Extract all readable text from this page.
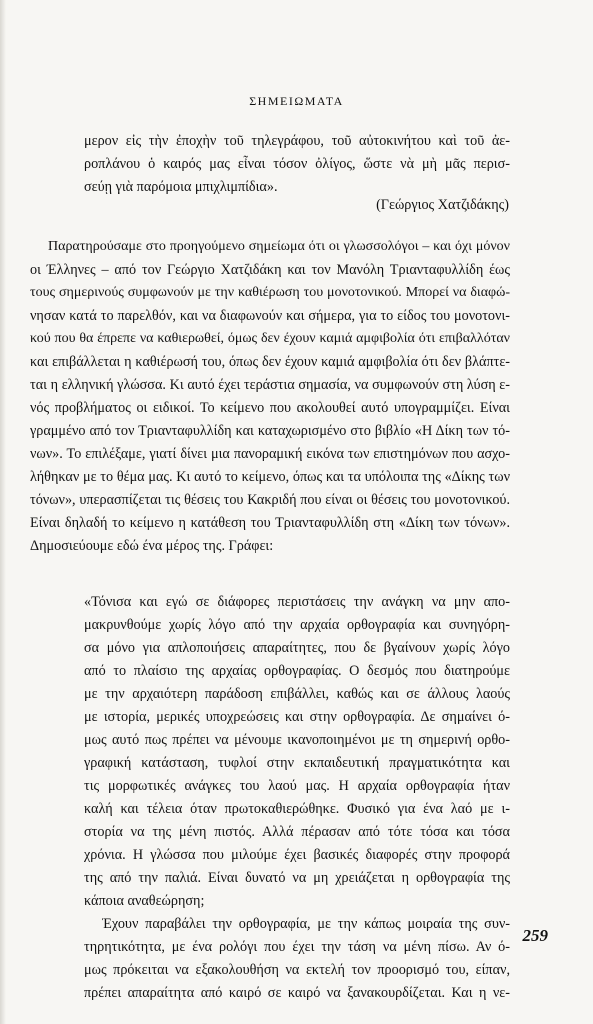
ΣΗΜΕΙΩΜΑΤΑ
μερον εἰς τὴν ἐποχὴν τοῦ τηλεγράφου, τοῦ αὐτοκινήτου καὶ τοῦ ἀε-
ροπλάνου ὁ καιρός μας εἶναι τόσον ὀλίγος, ὥστε νὰ μὴ μᾶς περισ-
σεύῃ γιὰ παρόμοια μπιχλιμπίδια».
(Γεώργιος Χατζιδάκης)
Παρατηρούσαμε στο προηγούμενο σημείωμα ότι οι γλωσσολόγοι – και όχι μόνον
οι Έλληνες – από τον Γεώργιο Χατζιδάκη και τον Μανόλη Τριανταφυλλίδη έως
τους σημερινούς συμφωνούν με την καθιέρωση του μονοτονικού. Μπορεί να διαφώ-
νησαν κατά το παρελθόν, και να διαφωνούν και σήμερα, για το είδος του μονοτονι-
κού που θα έπρεπε να καθιερωθεί, όμως δεν έχουν καμιά αμφιβολία ότι επιβαλλόταν
και επιβάλλεται η καθιέρωσή του, όπως δεν έχουν καμιά αμφιβολία ότι δεν βλάπτε-
ται η ελληνική γλώσσα. Κι αυτό έχει τεράστια σημασία, να συμφωνούν στη λύση ε-
νός προβλήματος οι ειδικοί. Το κείμενο που ακολουθεί αυτό υπογραμμίζει. Είναι
γραμμένο από τον Τριανταφυλλίδη και καταχωρισμένο στο βιβλίο «Η Δίκη των τό-
νων». Το επιλέξαμε, γιατί δίνει μια πανοραμική εικόνα των επιστημόνων που ασχο-
λήθηκαν με το θέμα μας. Κι αυτό το κείμενο, όπως και τα υπόλοιπα της «Δίκης των
τόνων», υπερασπίζεται τις θέσεις του Κακριδή που είναι οι θέσεις του μονοτονικού.
Είναι δηλαδή το κείμενο η κατάθεση του Τριανταφυλλίδη στη «Δίκη των τόνων».
Δημοσιεύουμε εδώ ένα μέρος της. Γράφει:
«Τόνισα και εγώ σε διάφορες περιστάσεις την ανάγκη να μην απο-
μακρυνθούμε χωρίς λόγο από την αρχαία ορθογραφία και συνηγόρη-
σα μόνο για απλοποιήσεις απαραίτητες, που δε βγαίνουν χωρίς λόγο
από το πλαίσιο της αρχαίας ορθογραφίας. Ο δεσμός που διατηρούμε
με την αρχαιότερη παράδοση επιβάλλει, καθώς και σε άλλους λαούς
με ιστορία, μερικές υποχρεώσεις και στην ορθογραφία. Δε σημαίνει ό-
μως αυτό πως πρέπει να μένουμε ικανοποιημένοι με τη σημερινή ορθο-
γραφική κατάσταση, τυφλοί στην εκπαιδευτική πραγματικότητα και
τις μορφωτικές ανάγκες του λαού μας. Η αρχαία ορθογραφία ήταν
καλή και τέλεια όταν πρωτοκαθιερώθηκε. Φυσικό για ένα λαό με ι-
στορία να της μένη πιστός. Αλλά πέρασαν από τότε τόσα και τόσα
χρόνια. Η γλώσσα που μιλούμε έχει βασικές διαφορές στην προφορά
της από την παλιά. Είναι δυνατό να μη χρειάζεται η ορθογραφία της
κάποια αναθεώρηση;
Έχουν παραβάλει την ορθογραφία, με την κάπως μοιραία της συν-
τηρητικότητα, με ένα ρολόγι που έχει την τάση να μένη πίσω. Αν ό-
μως πρόκειται να εξακολουθήση να εκτελή τον προορισμό του, είπαν,
πρέπει απαραίτητα από καιρό σε καιρό να ξανακουρδίζεται. Και η νε-
259
